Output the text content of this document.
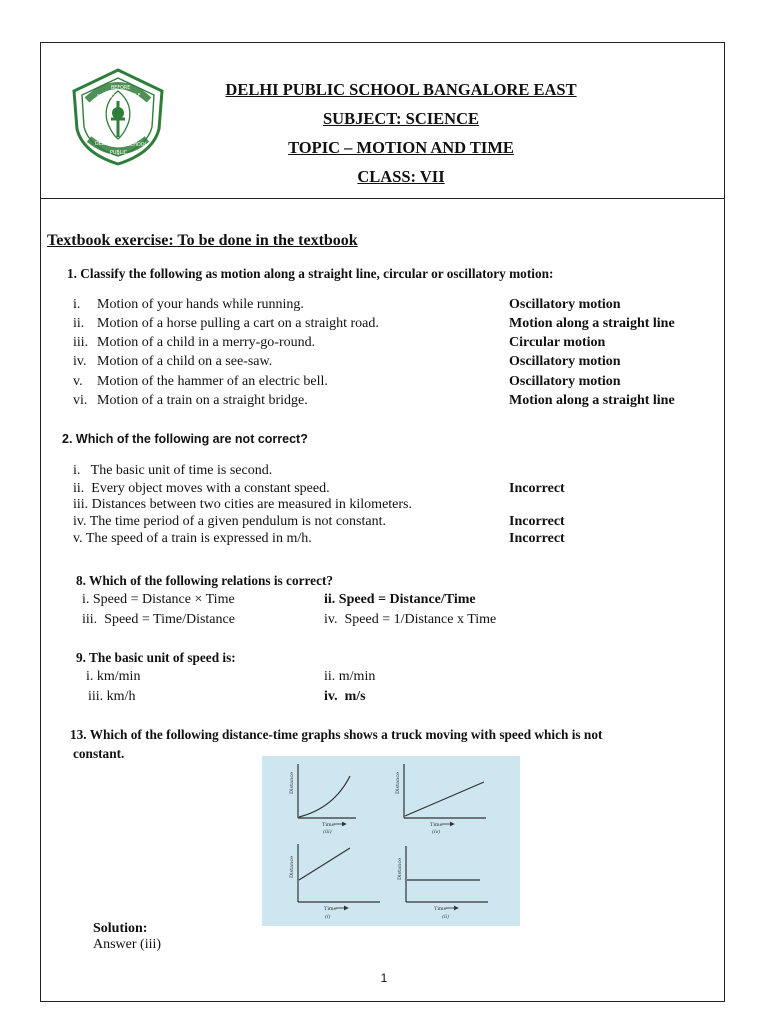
SERVICE
BEFORE
SELF
DELHI
PUBLIC
SCHOOL
DELHI PUBLIC SCHOOL BANGALORE EAST
SUBJECT: SCIENCE
TOPIC – MOTION AND TIME
CLASS: VII
Textbook exercise: To be done in the textbook
1. Classify the following as motion along a straight line, circular or oscillatory motion:
i. Motion of your hands while running.	Oscillatory motion
ii. Motion of a horse pulling a cart on a straight road.	Motion along a straight line
iii. Motion of a child in a merry-go-round.	Circular motion
iv. Motion of a child on a see-saw.	Oscillatory motion
v. Motion of the hammer of an electric bell.	Oscillatory motion
vi. Motion of a train on a straight bridge.	Motion along a straight line
2. Which of the following are not correct?
i.   The basic unit of time is second.
ii.  Every object moves with a constant speed.	Incorrect
iii. Distances between two cities are measured in kilometers.
iv. The time period of a given pendulum is not constant.	Incorrect
v. The speed of a train is expressed in m/h.	Incorrect
8. Which of the following relations is correct?
i. Speed = Distance × Time	ii. Speed = Distance/Time
iii.  Speed = Time/Distance	iv.  Speed = 1/Distance x Time
9. The basic unit of speed is:
i. km/min	ii. m/min
iii. km/h	iv.  m/s
13. Which of the following distance-time graphs shows a truck moving with speed which is not
constant.
Distance
Time
(iii)
Distance
Time
(iv)
Distance
Time
(i)
Distance
Time
(ii)
Solution:
Answer (iii)
1
